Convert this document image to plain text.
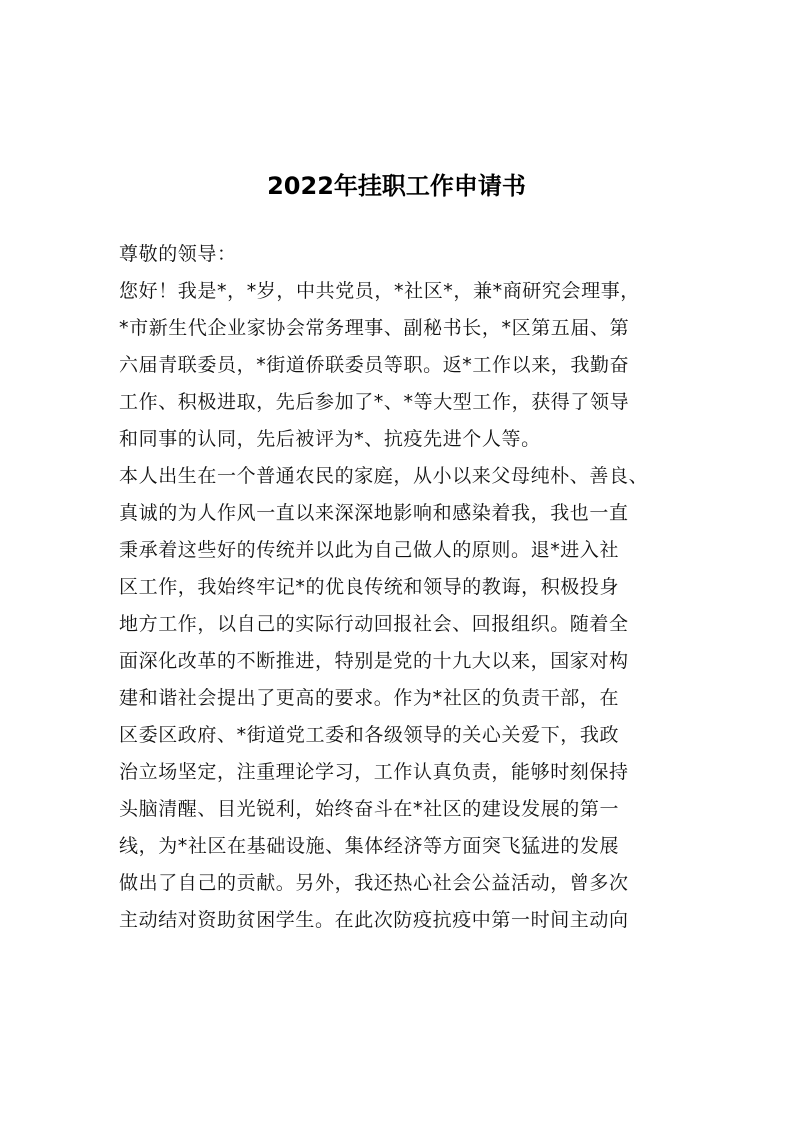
2022年挂职工作申请书
尊敬的领导：
您好！我是*，*岁，中共党员，*社区*，兼*商研究会理事，
*市新生代企业家协会常务理事、副秘书长，*区第五届、第
六届青联委员，*街道侨联委员等职。返*工作以来，我勤奋
工作、积极进取，先后参加了*、*等大型工作，获得了领导
和同事的认同，先后被评为*、抗疫先进个人等。
本人出生在一个普通农民的家庭，从小以来父母纯朴、善良、
真诚的为人作风一直以来深深地影响和感染着我，我也一直
秉承着这些好的传统并以此为自己做人的原则。退*进入社
区工作，我始终牢记*的优良传统和领导的教诲，积极投身
地方工作，以自己的实际行动回报社会、回报组织。随着全
面深化改革的不断推进，特别是党的十九大以来，国家对构
建和谐社会提出了更高的要求。作为*社区的负责干部，在
区委区政府、*街道党工委和各级领导的关心关爱下，我政
治立场坚定，注重理论学习，工作认真负责，能够时刻保持
头脑清醒、目光锐利，始终奋斗在*社区的建设发展的第一
线，为*社区在基础设施、集体经济等方面突飞猛进的发展
做出了自己的贡献。另外，我还热心社会公益活动，曾多次
主动结对资助贫困学生。在此次防疫抗疫中第一时间主动向
